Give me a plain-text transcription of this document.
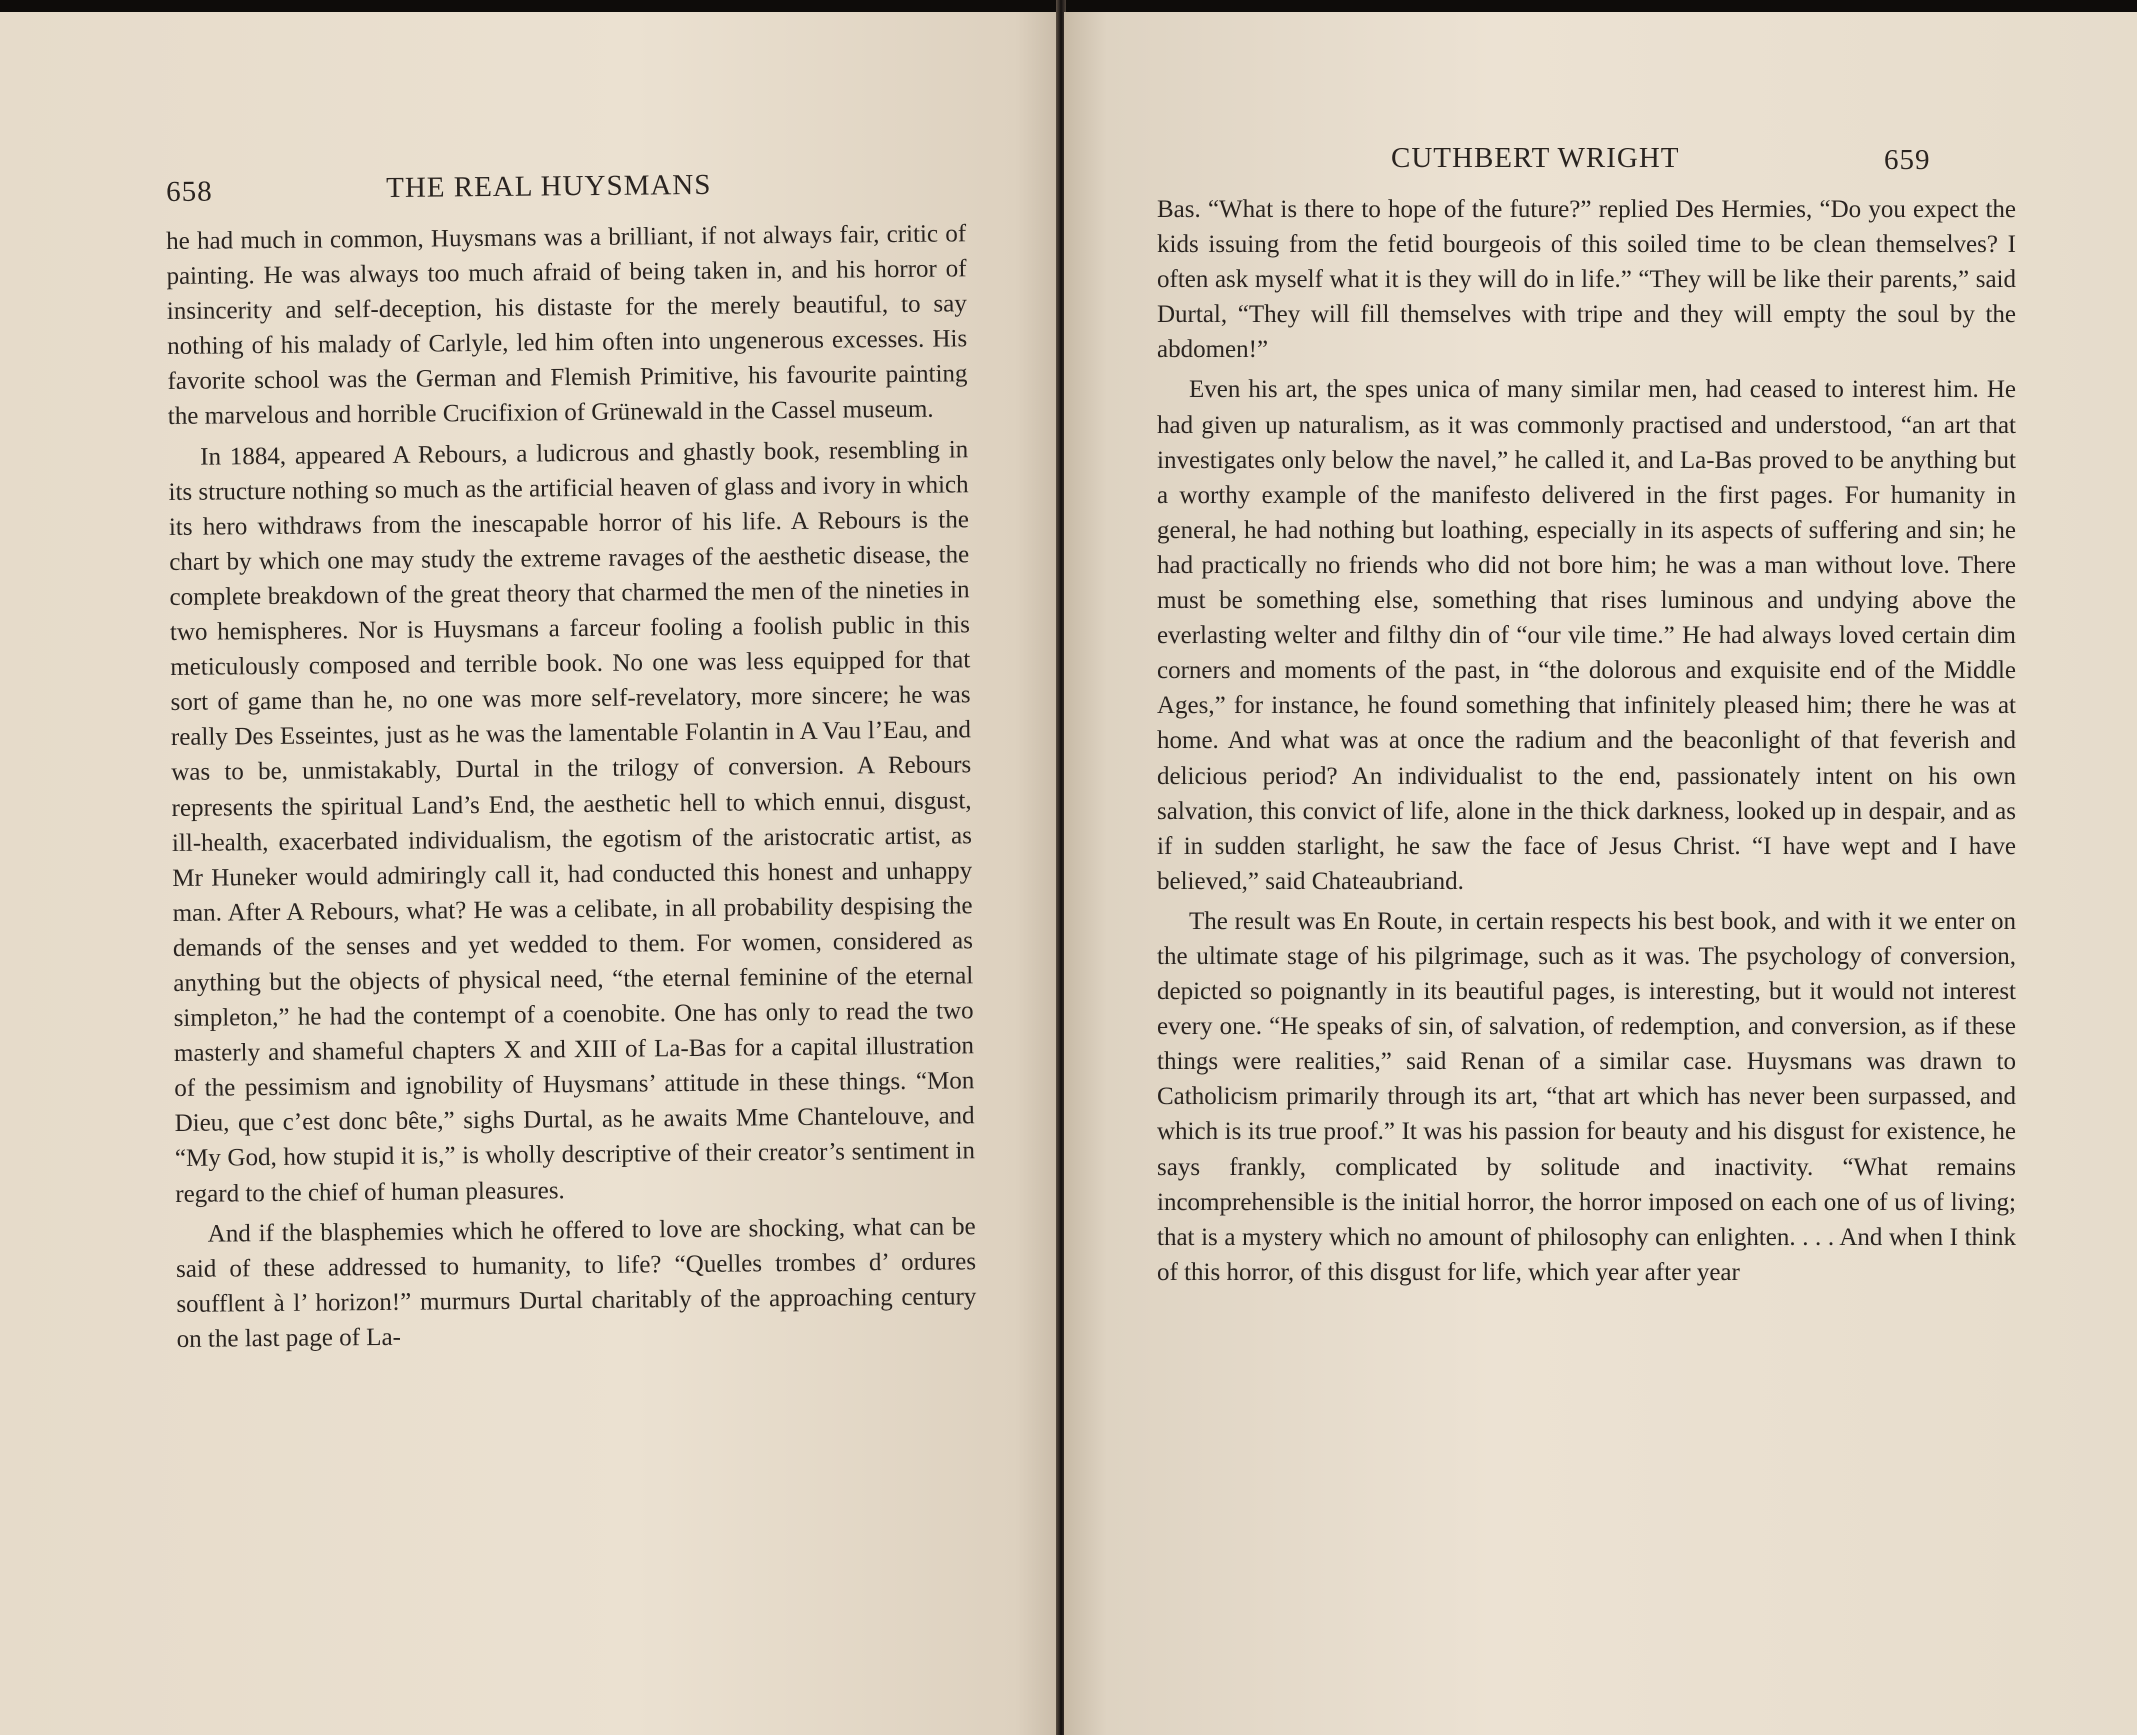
658	THE REAL HUYSMANS

he had much in common, Huysmans was a brilliant, if not always fair, critic of painting. He was always too much afraid of being taken in, and his horror of insincerity and self-deception, his distaste for the merely beautiful, to say nothing of his malady of Carlyle, led him often into ungenerous excesses. His favorite school was the German and Flemish Primitive, his favourite painting the marvelous and horrible Crucifixion of Grünewald in the Cassel museum.

In 1884, appeared A Rebours, a ludicrous and ghastly book, resembling in its structure nothing so much as the artificial heaven of glass and ivory in which its hero withdraws from the inescapable horror of his life. A Rebours is the chart by which one may study the extreme ravages of the aesthetic disease, the complete breakdown of the great theory that charmed the men of the nineties in two hemispheres. Nor is Huysmans a farceur fooling a foolish public in this meticulously composed and terrible book. No one was less equipped for that sort of game than he, no one was more self-revelatory, more sincere; he was really Des Esseintes, just as he was the lamentable Folantin in A Vau l’Eau, and was to be, unmistakably, Durtal in the trilogy of conversion. A Rebours represents the spiritual Land’s End, the aesthetic hell to which ennui, disgust, ill-health, exacerbated individualism, the egotism of the aristocratic artist, as Mr Huneker would admiringly call it, had conducted this honest and unhappy man. After A Rebours, what? He was a celibate, in all probability despising the demands of the senses and yet wedded to them. For women, considered as anything but the objects of physical need, “the eternal feminine of the eternal simpleton,” he had the contempt of a coenobite. One has only to read the two masterly and shameful chapters X and XIII of La-Bas for a capital illustration of the pessimism and ignobility of Huysmans’ attitude in these things. “Mon Dieu, que c’est donc bête,” sighs Durtal, as he awaits Mme Chantelouve, and “My God, how stupid it is,” is wholly descriptive of their creator’s sentiment in regard to the chief of human pleasures.

And if the blasphemies which he offered to love are shocking, what can be said of these addressed to humanity, to life? “Quelles trombes d’ ordures soufflent à l’ horizon!” murmurs Durtal charitably of the approaching century on the last page of La-

CUTHBERT WRIGHT	659

Bas. “What is there to hope of the future?” replied Des Hermies, “Do you expect the kids issuing from the fetid bourgeois of this soiled time to be clean themselves? I often ask myself what it is they will do in life.” “They will be like their parents,” said Durtal, “They will fill themselves with tripe and they will empty the soul by the abdomen!”

Even his art, the spes unica of many similar men, had ceased to interest him. He had given up naturalism, as it was commonly practised and understood, “an art that investigates only below the navel,” he called it, and La-Bas proved to be anything but a worthy example of the manifesto delivered in the first pages. For humanity in general, he had nothing but loathing, especially in its aspects of suffering and sin; he had practically no friends who did not bore him; he was a man without love. There must be something else, something that rises luminous and undying above the everlasting welter and filthy din of “our vile time.” He had always loved certain dim corners and moments of the past, in “the dolorous and exquisite end of the Middle Ages,” for instance, he found something that infinitely pleased him; there he was at home. And what was at once the radium and the beaconlight of that feverish and delicious period? An individualist to the end, passionately intent on his own salvation, this convict of life, alone in the thick darkness, looked up in despair, and as if in sudden starlight, he saw the face of Jesus Christ. “I have wept and I have believed,” said Chateaubriand.

The result was En Route, in certain respects his best book, and with it we enter on the ultimate stage of his pilgrimage, such as it was. The psychology of conversion, depicted so poignantly in its beautiful pages, is interesting, but it would not interest every one. “He speaks of sin, of salvation, of redemption, and conversion, as if these things were realities,” said Renan of a similar case. Huysmans was drawn to Catholicism primarily through its art, “that art which has never been surpassed, and which is its true proof.” It was his passion for beauty and his disgust for existence, he says frankly, complicated by solitude and inactivity. “What remains incomprehensible is the initial horror, the horror imposed on each one of us of living; that is a mystery which no amount of philosophy can enlighten. . . . And when I think of this horror, of this disgust for life, which year after year
